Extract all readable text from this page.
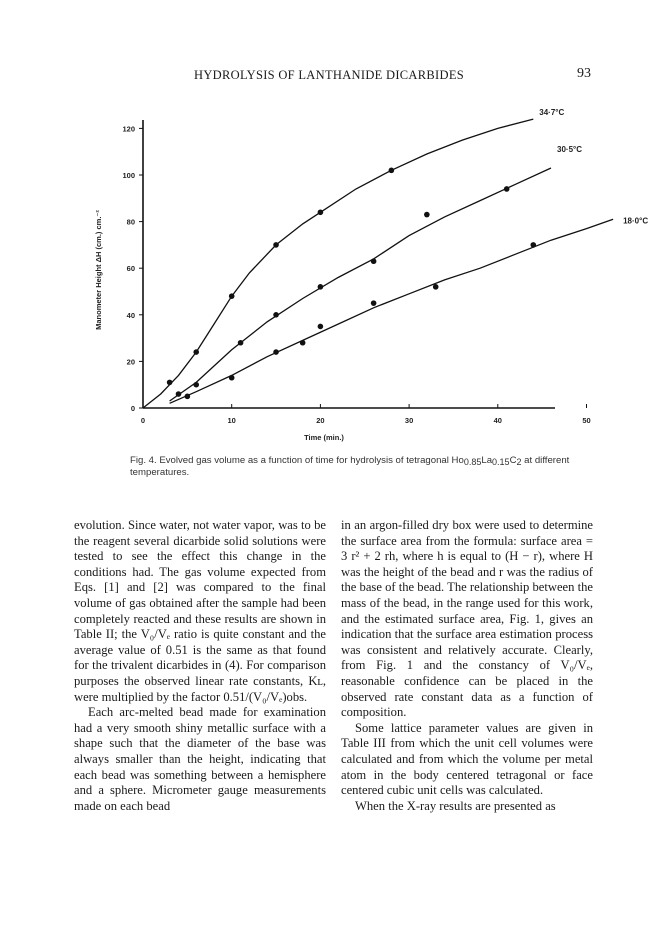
HYDROLYSIS OF LANTHANIDE DICARBIDES	93
0	10	20	30	40	50
0
20
40
60
80
100
120
34·7°C
30·5°C
18·0°C
Time (min.)
Manometer Height ΔH (cm.) cm.⁻²
Fig. 4. Evolved gas volume as a function of time for hydrolysis of tetragonal $Ho_{0.85}La_{0.15}C_2$ at different temperatures.

evolution. Since water, not water vapor, was to be the reagent several dicarbide solid solutions were tested to see the effect this change in the conditions had. The gas volume expected from Eqs. [1] and [2] was compared to the final volume of gas obtained after the sample had been completely reacted and these results are shown in Table II; the V₀/Vₑ ratio is quite constant and the average value of 0.51 is the same as that found for the trivalent dicarbides in (4). For comparison purposes the observed linear rate constants, Kʟ, were multiplied by the factor 0.51/(V₀/Vₑ)obs.

Each arc-melted bead made for examination had a very smooth shiny metallic surface with a shape such that the diameter of the base was always smaller than the height, indicating that each bead was something between a hemisphere and a sphere. Micrometer gauge measurements made on each bead

in an argon-filled dry box were used to determine the surface area from the formula: surface area = 3 r² + 2 rh, where h is equal to (H − r), where H was the height of the bead and r was the radius of the base of the bead. The relationship between the mass of the bead, in the range used for this work, and the estimated surface area, Fig. 1, gives an indication that the surface area estimation process was consistent and relatively accurate. Clearly, from Fig. 1 and the constancy of V₀/Vₑ, reasonable confidence can be placed in the observed rate constant data as a function of composition.

Some lattice parameter values are given in Table III from which the unit cell volumes were calculated and from which the volume per metal atom in the body centered tetragonal or face centered cubic unit cells was calculated.

When the X-ray results are presented as
